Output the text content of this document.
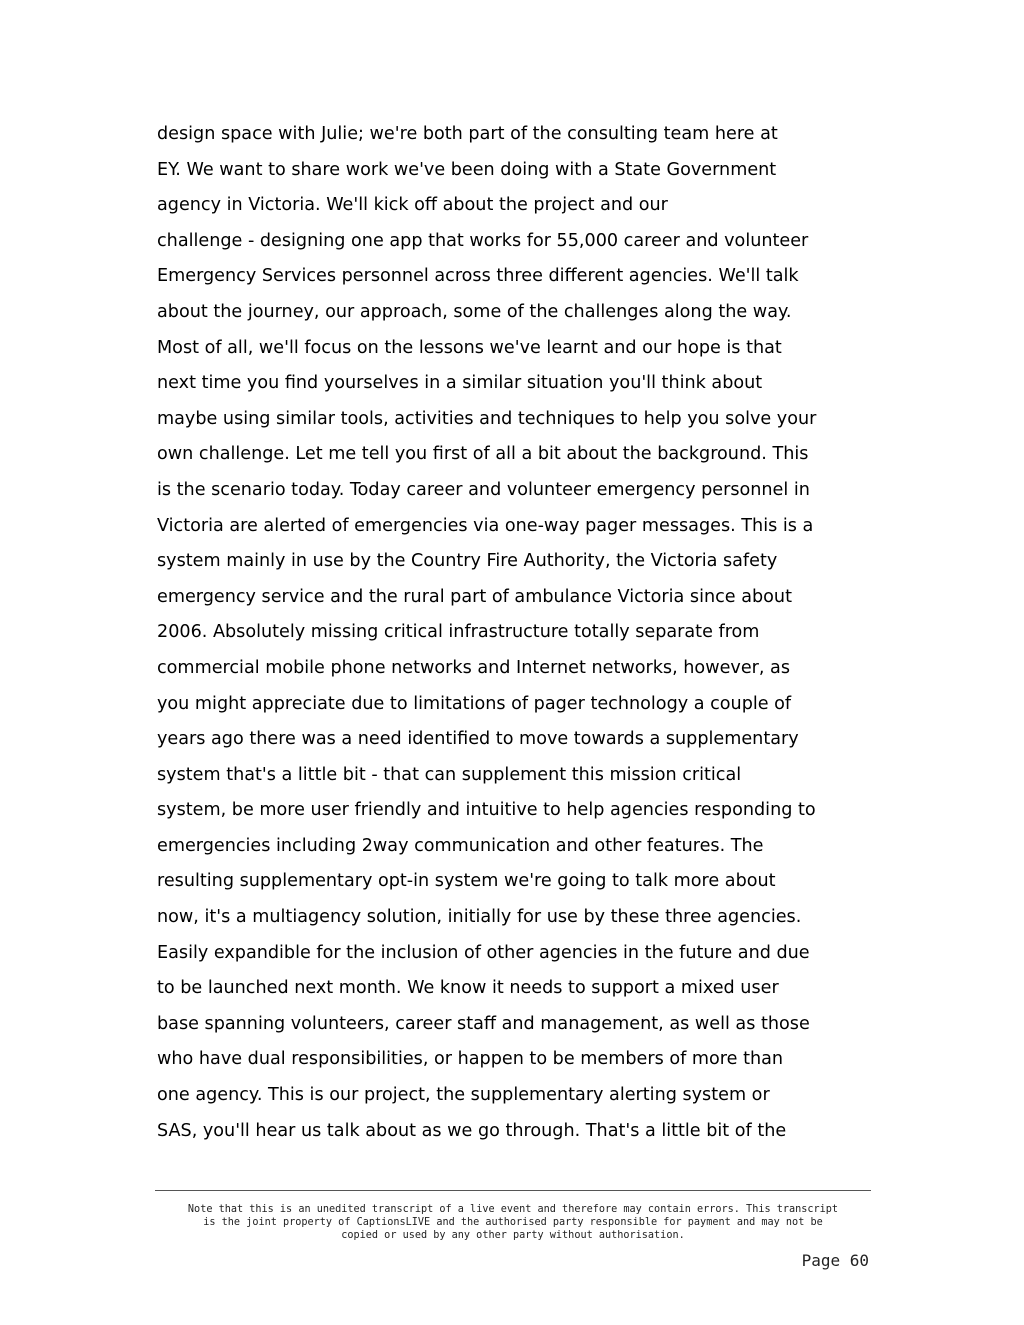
design space with Julie; we're both part of the consulting team here at
EY. We want to share work we've been doing with a State Government
agency in Victoria. We'll kick off about the project and our
challenge - designing one app that works for 55,000 career and volunteer
Emergency Services personnel across three different agencies. We'll talk
about the journey, our approach, some of the challenges along the way.
Most of all, we'll focus on the lessons we've learnt and our hope is that
next time you find yourselves in a similar situation you'll think about
maybe using similar tools, activities and techniques to help you solve your
own challenge. Let me tell you first of all a bit about the background. This
is the scenario today. Today career and volunteer emergency personnel in
Victoria are alerted of emergencies via one-way pager messages. This is a
system mainly in use by the Country Fire Authority, the Victoria safety
emergency service and the rural part of ambulance Victoria since about
2006. Absolutely missing critical infrastructure totally separate from
commercial mobile phone networks and Internet networks, however, as
you might appreciate due to limitations of pager technology a couple of
years ago there was a need identified to move towards a supplementary
system that's a little bit - that can supplement this mission critical
system, be more user friendly and intuitive to help agencies responding to
emergencies including 2way communication and other features. The
resulting supplementary opt-in system we're going to talk more about
now, it's a multiagency solution, initially for use by these three agencies.
Easily expandible for the inclusion of other agencies in the future and due
to be launched next month. We know it needs to support a mixed user
base spanning volunteers, career staff and management, as well as those
who have dual responsibilities, or happen to be members of more than
one agency. This is our project, the supplementary alerting system or
SAS, you'll hear us talk about as we go through. That's a little bit of the
Note that this is an unedited transcript of a live event and therefore may contain errors. This transcript
is the joint property of CaptionsLIVE and the authorised party responsible for payment and may not be
copied or used by any other party without authorisation.
Page 60
